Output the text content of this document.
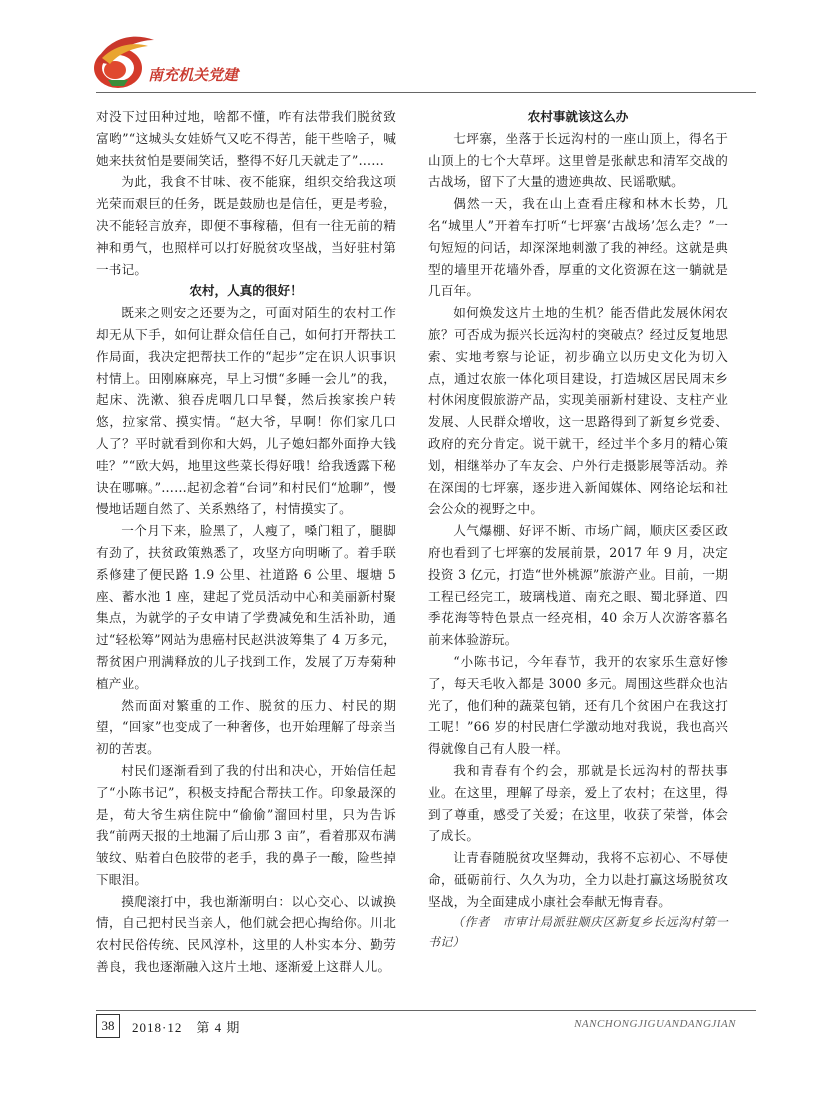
南充机关党建

对没下过田种过地，啥都不懂，咋有法带我们脱贫致富哟”“这城头女娃娇气又吃不得苦，能干些啥子，喊她来扶贫怕是要闹笑话，整得不好几天就走了”……

为此，我食不甘味、夜不能寐，组织交给我这项光荣而艰巨的任务，既是鼓励也是信任，更是考验，决不能轻言放弃，即便不事稼穑，但有一往无前的精神和勇气，也照样可以打好脱贫攻坚战，当好驻村第一书记。

农村，人真的很好！

既来之则安之还要为之，可面对陌生的农村工作却无从下手，如何让群众信任自己，如何打开帮扶工作局面，我决定把帮扶工作的“起步”定在识人识事识村情上。田刚麻麻亮，早上习惯“多睡一会儿”的我，起床、洗漱、狼吞虎咽几口早餐，然后挨家挨户转悠，拉家常、摸实情。“赵大爷，早啊！你们家几口人了？平时就看到你和大妈，儿子媳妇都外面挣大钱哇？”“欧大妈，地里这些菜长得好哦！给我透露下秘诀在哪嘛。”……起初念着“台词”和村民们“尬聊”，慢慢地话题自然了、关系熟络了，村情摸实了。

一个月下来，脸黑了，人瘦了，嗓门粗了，腿脚有劲了，扶贫政策熟悉了，攻坚方向明晰了。着手联系修建了便民路 1.9 公里、社道路 6 公里、堰塘 5 座、蓄水池 1 座，建起了党员活动中心和美丽新村聚集点，为就学的子女申请了学费减免和生活补助，通过“轻松筹”网站为患癌村民赵洪波筹集了 4 万多元，帮贫困户刑满释放的儿子找到工作，发展了万寿菊种植产业。

然而面对繁重的工作、脱贫的压力、村民的期望，“回家”也变成了一种奢侈，也开始理解了母亲当初的苦衷。

村民们逐渐看到了我的付出和决心，开始信任起了“小陈书记”，积极支持配合帮扶工作。印象最深的是，荀大爷生病住院中“偷偷”溜回村里，只为告诉我“前两天报的土地漏了后山那 3 亩”，看着那双布满皱纹、贴着白色胶带的老手，我的鼻子一酸，险些掉下眼泪。

摸爬滚打中，我也渐渐明白：以心交心、以诚换情，自己把村民当亲人，他们就会把心掏给你。川北农村民俗传统、民风淳朴，这里的人朴实本分、勤劳善良，我也逐渐融入这片土地、逐渐爱上这群人儿。

农村事就该这么办

七坪寨，坐落于长远沟村的一座山顶上，得名于山顶上的七个大草坪。这里曾是张献忠和清军交战的古战场，留下了大量的遗迹典故、民谣歌赋。

偶然一天，我在山上查看庄稼和林木长势，几名“城里人”开着车打听“七坪寨‘古战场’怎么走？”一句短短的问话，却深深地刺激了我的神经。这就是典型的墙里开花墙外香，厚重的文化资源在这一躺就是几百年。

如何焕发这片土地的生机？能否借此发展休闲农旅？可否成为振兴长远沟村的突破点？经过反复地思索、实地考察与论证，初步确立以历史文化为切入点，通过农旅一体化项目建设，打造城区居民周末乡村休闲度假旅游产品，实现美丽新村建设、支柱产业发展、人民群众增收，这一思路得到了新复乡党委、政府的充分肯定。说干就干，经过半个多月的精心策划，相继举办了车友会、户外行走摄影展等活动。养在深闺的七坪寨，逐步进入新闻媒体、网络论坛和社会公众的视野之中。

人气爆棚、好评不断、市场广阔，顺庆区委区政府也看到了七坪寨的发展前景，2017 年 9 月，决定投资 3 亿元，打造“世外桃源”旅游产业。目前，一期工程已经完工，玻璃栈道、南充之眼、蜀北驿道、四季花海等特色景点一经亮相，40 余万人次游客慕名前来体验游玩。

“小陈书记，今年春节，我开的农家乐生意好惨了，每天毛收入都是 3000 多元。周围这些群众也沾光了，他们种的蔬菜包销，还有几个贫困户在我这打工呢！”66 岁的村民唐仁学激动地对我说，我也高兴得就像自己有人股一样。

我和青春有个约会，那就是长远沟村的帮扶事业。在这里，理解了母亲，爱上了农村；在这里，得到了尊重，感受了关爱；在这里，收获了荣誉，体会了成长。

让青春随脱贫攻坚舞动，我将不忘初心、不辱使命，砥砺前行、久久为功，全力以赴打赢这场脱贫攻坚战，为全面建成小康社会奉献无悔青春。

（作者　市审计局派驻顺庆区新复乡长远沟村第一书记）

38	2018·12　第 4 期	NANCHONGJIGUANDANGJIAN
